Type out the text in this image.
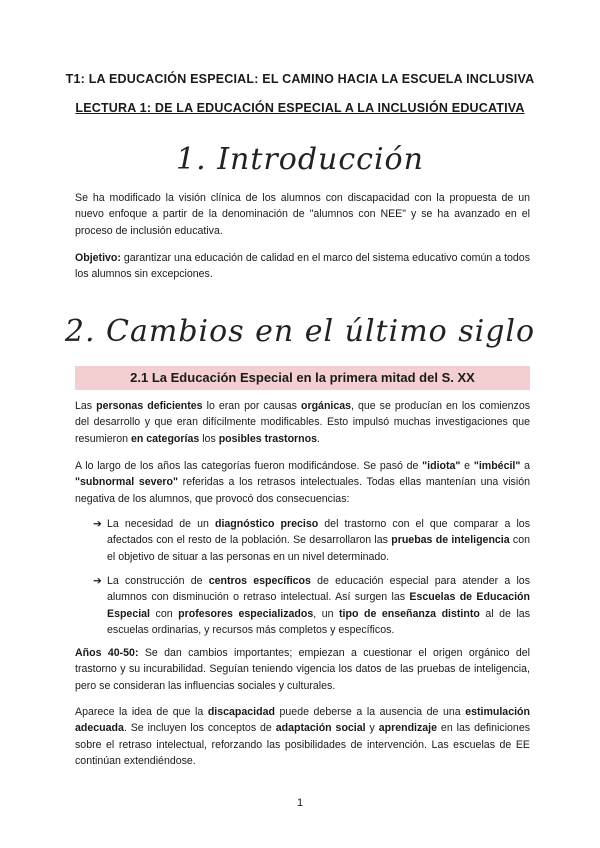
T1: LA EDUCACIÓN ESPECIAL: EL CAMINO HACIA LA ESCUELA INCLUSIVA
LECTURA 1: DE LA EDUCACIÓN ESPECIAL A LA INCLUSIÓN EDUCATIVA
1. Introducción
Se ha modificado la visión clínica de los alumnos con discapacidad con la propuesta de un nuevo enfoque a partir de la denominación de "alumnos con NEE" y se ha avanzado en el proceso de inclusión educativa.
Objetivo: garantizar una educación de calidad en el marco del sistema educativo común a todos los alumnos sin excepciones.
2. Cambios en el último siglo
2.1 La Educación Especial en la primera mitad del S. XX
Las personas deficientes lo eran por causas orgánicas, que se producían en los comienzos del desarrollo y que eran difícilmente modificables. Esto impulsó muchas investigaciones que resumieron en categorías los posibles trastornos.
A lo largo de los años las categorías fueron modificándose. Se pasó de "idiota" e "imbécil" a "subnormal severo" referidas a los retrasos intelectuales. Todas ellas mantenían una visión negativa de los alumnos, que provocó dos consecuencias:
➔ La necesidad de un diagnóstico preciso del trastorno con el que comparar a los afectados con el resto de la población. Se desarrollaron las pruebas de inteligencia con el objetivo de situar a las personas en un nivel determinado.
➔ La construcción de centros específicos de educación especial para atender a los alumnos con disminución o retraso intelectual. Así surgen las Escuelas de Educación Especial con profesores especializados, un tipo de enseñanza distinto al de las escuelas ordinarias, y recursos más completos y específicos.
Años 40-50: Se dan cambios importantes; empiezan a cuestionar el origen orgánico del trastorno y su incurabilidad. Seguían teniendo vigencia los datos de las pruebas de inteligencia, pero se consideran las influencias sociales y culturales.
Aparece la idea de que la discapacidad puede deberse a la ausencia de una estimulación adecuada. Se incluyen los conceptos de adaptación social y aprendizaje en las definiciones sobre el retraso intelectual, reforzando las posibilidades de intervención. Las escuelas de EE continúan extendiéndose.
1
